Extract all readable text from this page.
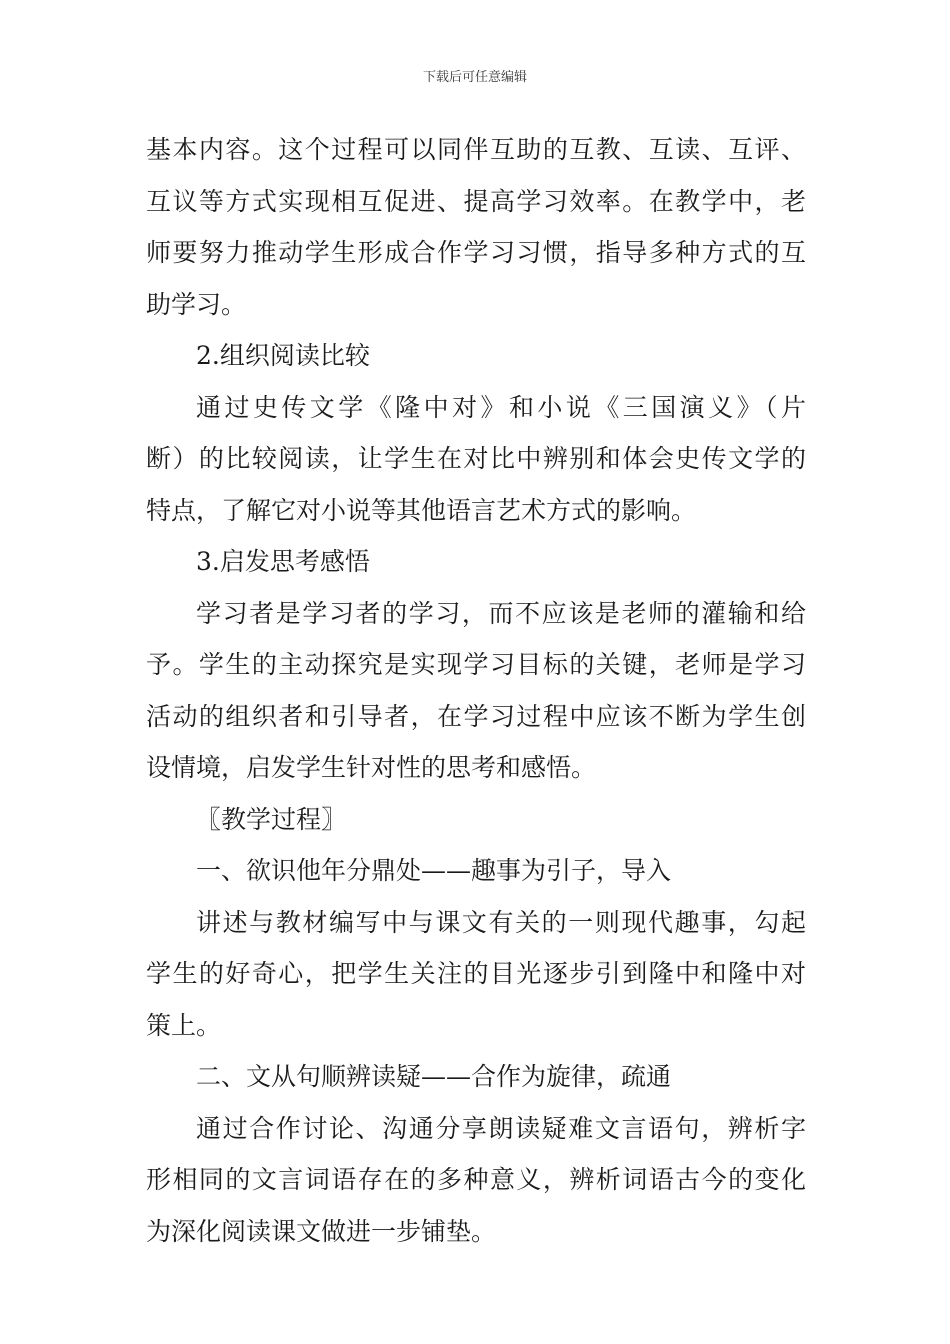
下载后可任意编辑
基本内容。这个过程可以同伴互助的互教、互读、互评、
互议等方式实现相互促进、提高学习效率。在教学中，老
师要努力推动学生形成合作学习习惯，指导多种方式的互
助学习。
2.组织阅读比较
通过史传文学《隆中对》和小说《三国演义》（片
断）的比较阅读，让学生在对比中辨别和体会史传文学的
特点，了解它对小说等其他语言艺术方式的影响。
3.启发思考感悟
学习者是学习者的学习，而不应该是老师的灌输和给
予。学生的主动探究是实现学习目标的关键，老师是学习
活动的组织者和引导者，在学习过程中应该不断为学生创
设情境，启发学生针对性的思考和感悟。
〖教学过程〗
一、欲识他年分鼎处——趣事为引子，导入
讲述与教材编写中与课文有关的一则现代趣事，勾起
学生的好奇心，把学生关注的目光逐步引到隆中和隆中对
策上。
二、文从句顺辨读疑——合作为旋律，疏通
通过合作讨论、沟通分享朗读疑难文言语句，辨析字
形相同的文言词语存在的多种意义，辨析词语古今的变化
为深化阅读课文做进一步铺垫。
